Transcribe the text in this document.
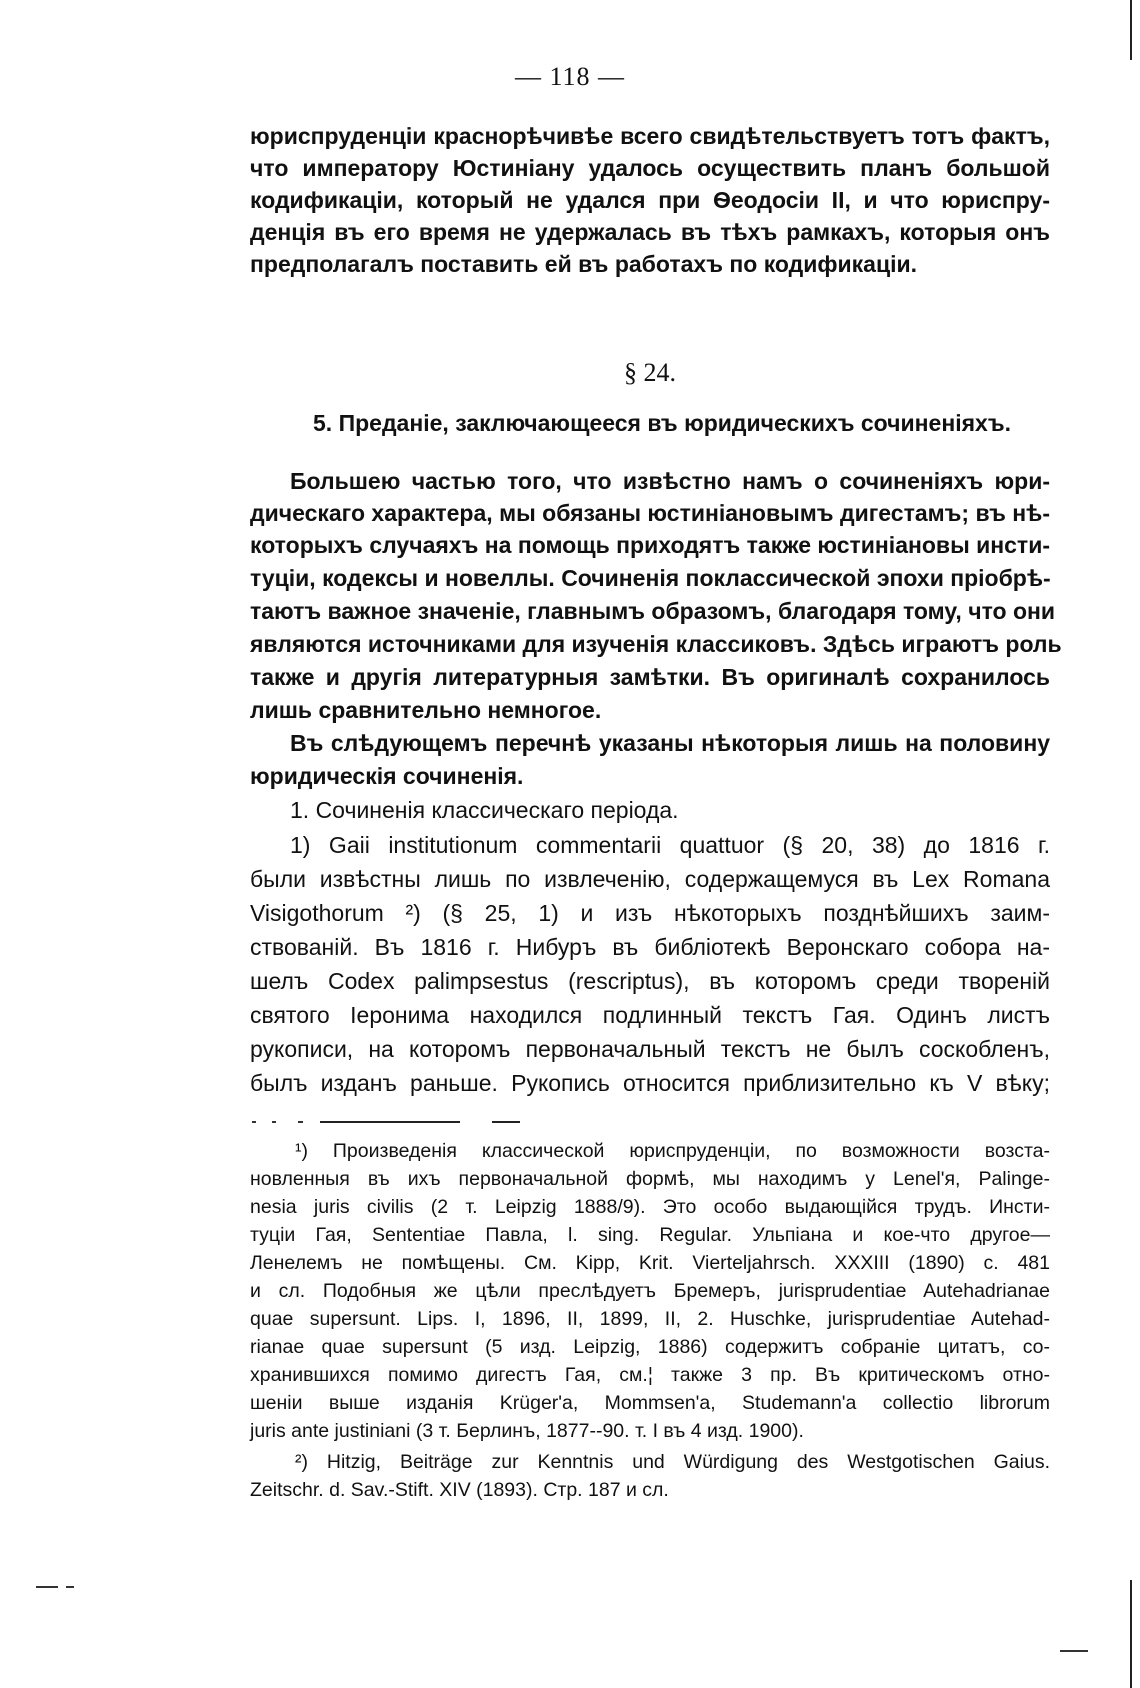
— 118 —
юриспруденціи краснорѣчивѣе всего свидѣтельствуетъ тотъ фактъ,
что императору Юстиніану удалось осуществить планъ большой
кодификаціи, который не удался при Ѳеодосіи II, и что юриспру-
денція въ его время не удержалась въ тѣхъ рамкахъ, которыя онъ
предполагалъ поставить ей въ работахъ по кодификаціи.
§ 24.
5. Преданіе, заключающееся въ юридическихъ сочиненіяхъ.
Большею частью того, что извѣстно намъ о сочиненіяхъ юри-
дическаго характера, мы обязаны юстиніановымъ дигестамъ; въ нѣ-
которыхъ случаяхъ на помощь приходятъ также юстиніановы инсти-
туціи, кодексы и новеллы. Сочиненія поклассической эпохи пріобрѣ-
таютъ важное значеніе, главнымъ образомъ, благодаря тому, что они
являются источниками для изученія классиковъ. Здѣсь играютъ роль
также и другія литературныя замѣтки. Въ оригиналѣ сохранилось
лишь сравнительно немногое.
Въ слѣдующемъ перечнѣ указаны нѣкоторыя лишь на половину
юридическія сочиненія.
1. Сочиненія классическаго періода.
1) Gaii institutionum commentarii quattuor (§ 20, 38) до 1816 г.
были извѣстны лишь по извлеченію, содержащемуся въ Lex Romana
Visigothorum ²) (§ 25, 1) и изъ нѣкоторыхъ позднѣйшихъ заим-
ствованій. Въ 1816 г. Нибуръ въ библіотекѣ Веронскаго собора на-
шелъ Codex palimpsestus (rescriptus), въ которомъ среди твореній
святого Іеронима находился подлинный текстъ Гая. Одинъ листъ
рукописи, на которомъ первоначальный текстъ не былъ соскобленъ,
былъ изданъ раньше. Рукопись относится приблизительно къ V вѣку;
¹) Произведенія классической юриспруденціи, по возможности возста-
новленныя въ ихъ первоначальной формѣ, мы находимъ у Lenel'я, Palinge-
nesia juris civilis (2 т. Leipzig 1888/9). Это особо выдающійся трудъ. Инсти-
туціи Гая, Sententiae Павла, l. sing. Regular. Ульпіана и кое-что другое—
Ленелемъ не помѣщены. См. Kipp, Krit. Vierteljahrsch. XXXIII (1890) с. 481
и сл. Подобныя же цѣли преслѣдуетъ Бремеръ, jurisprudentiae Autehadrianae
quae supersunt. Lips. I, 1896, II, 1899, II, 2. Huschke, jurisprudentiae Autehad-
rianae quae supersunt (5 изд. Leipzig, 1886) содержитъ собраніе цитатъ, со-
хранившихся помимо дигестъ Гая, см.¦ также 3 пр. Въ критическомъ отно-
шеніи выше изданія Krüger'a, Mommsen'a, Studemann'a collectio librorum
juris ante justiniani (3 т. Берлинъ, 1877--90. т. I въ 4 изд. 1900).
²) Hitzig, Beiträge zur Kenntnis und Würdigung des Westgotischen Gaius.
Zeitschr. d. Sav.-Stift. XIV (1893). Стр. 187 и сл.
